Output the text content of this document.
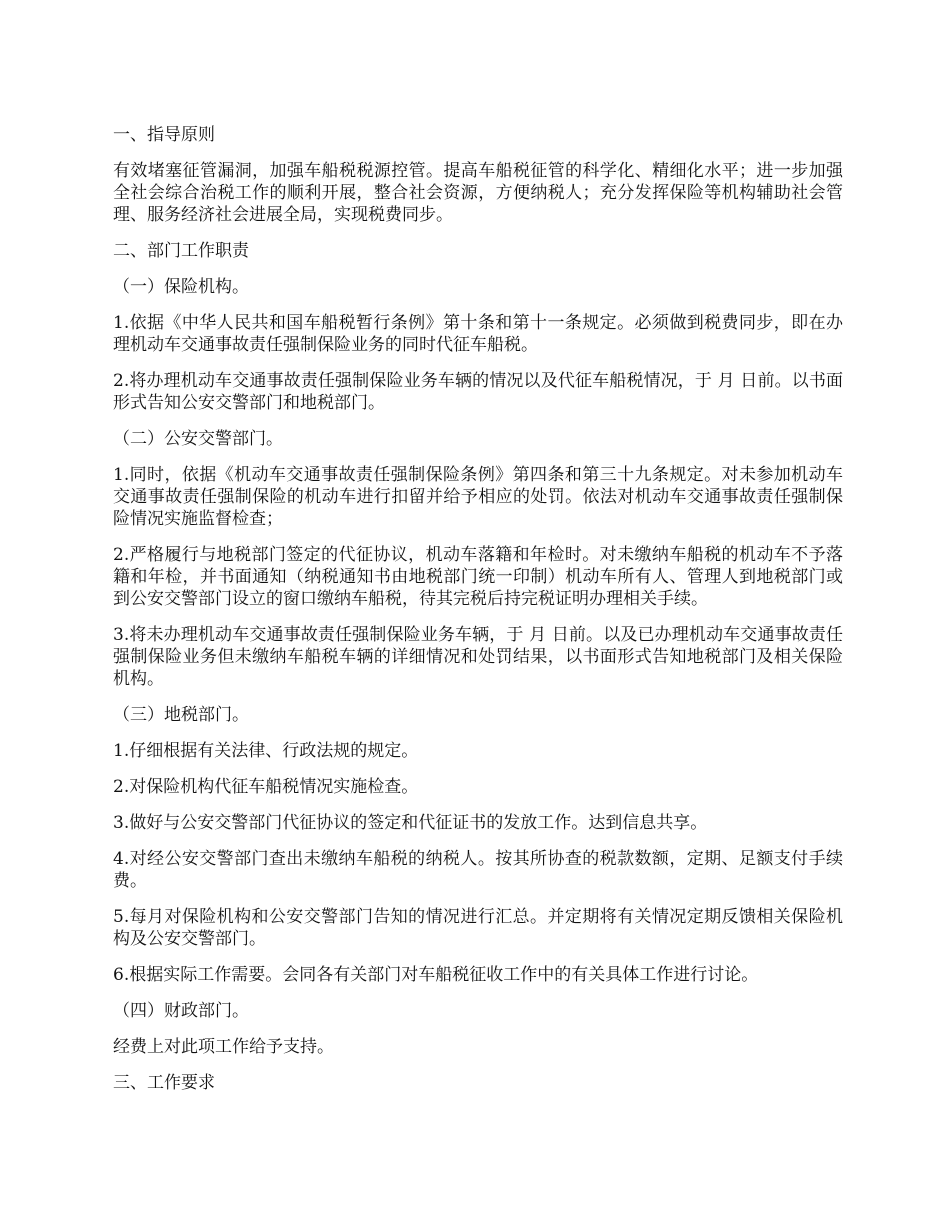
一、指导原则

有效堵塞征管漏洞，加强车船税税源控管。提高车船税征管的科学化、精细化水平；进一步加强全社会综合治税工作的顺利开展，整合社会资源，方便纳税人；充分发挥保险等机构辅助社会管理、服务经济社会进展全局，实现税费同步。

二、部门工作职责

（一）保险机构。

1.依据《中华人民共和国车船税暂行条例》第十条和第十一条规定。必须做到税费同步，即在办理机动车交通事故责任强制保险业务的同时代征车船税。

2.将办理机动车交通事故责任强制保险业务车辆的情况以及代征车船税情况，于 月 日前。以书面形式告知公安交警部门和地税部门。

（二）公安交警部门。

1.同时，依据《机动车交通事故责任强制保险条例》第四条和第三十九条规定。对未参加机动车交通事故责任强制保险的机动车进行扣留并给予相应的处罚。依法对机动车交通事故责任强制保险情况实施监督检查；

2.严格履行与地税部门签定的代征协议，机动车落籍和年检时。对未缴纳车船税的机动车不予落籍和年检，并书面通知（纳税通知书由地税部门统一印制）机动车所有人、管理人到地税部门或到公安交警部门设立的窗口缴纳车船税，待其完税后持完税证明办理相关手续。

3.将未办理机动车交通事故责任强制保险业务车辆，于 月 日前。以及已办理机动车交通事故责任强制保险业务但未缴纳车船税车辆的详细情况和处罚结果，以书面形式告知地税部门及相关保险机构。

（三）地税部门。

1.仔细根据有关法律、行政法规的规定。

2.对保险机构代征车船税情况实施检查。

3.做好与公安交警部门代征协议的签定和代征证书的发放工作。达到信息共享。

4.对经公安交警部门查出未缴纳车船税的纳税人。按其所协查的税款数额，定期、足额支付手续费。

5.每月对保险机构和公安交警部门告知的情况进行汇总。并定期将有关情况定期反馈相关保险机构及公安交警部门。

6.根据实际工作需要。会同各有关部门对车船税征收工作中的有关具体工作进行讨论。

（四）财政部门。

经费上对此项工作给予支持。

三、工作要求
